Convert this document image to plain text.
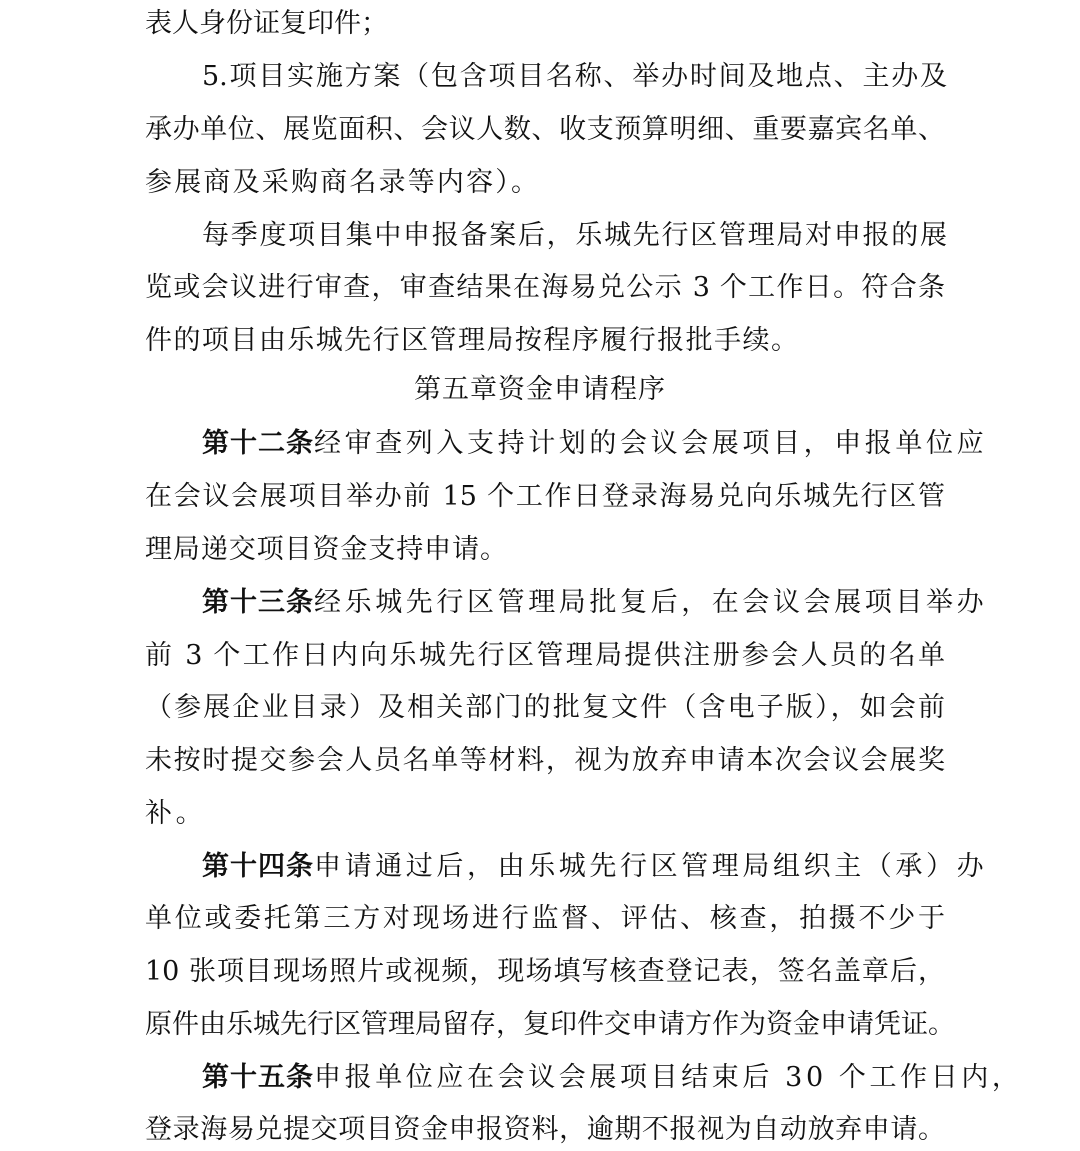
表人身份证复印件；
5.项目实施方案（包含项目名称、举办时间及地点、主办及
承办单位、展览面积、会议人数、收支预算明细、重要嘉宾名单、
参展商及采购商名录等内容）。
每季度项目集中申报备案后，乐城先行区管理局对申报的展
览或会议进行审查，审查结果在海易兑公示 3 个工作日。符合条
件的项目由乐城先行区管理局按程序履行报批手续。
第五章资金申请程序
第十二条经审查列入支持计划的会议会展项目，申报单位应
在会议会展项目举办前 15 个工作日登录海易兑向乐城先行区管
理局递交项目资金支持申请。
第十三条经乐城先行区管理局批复后，在会议会展项目举办
前 3 个工作日内向乐城先行区管理局提供注册参会人员的名单
（参展企业目录）及相关部门的批复文件（含电子版），如会前
未按时提交参会人员名单等材料，视为放弃申请本次会议会展奖
补。
第十四条申请通过后，由乐城先行区管理局组织主（承）办
单位或委托第三方对现场进行监督、评估、核查，拍摄不少于
10 张项目现场照片或视频，现场填写核查登记表，签名盖章后，
原件由乐城先行区管理局留存，复印件交申请方作为资金申请凭证。
第十五条申报单位应在会议会展项目结束后 30 个工作日内，
登录海易兑提交项目资金申报资料，逾期不报视为自动放弃申请。
